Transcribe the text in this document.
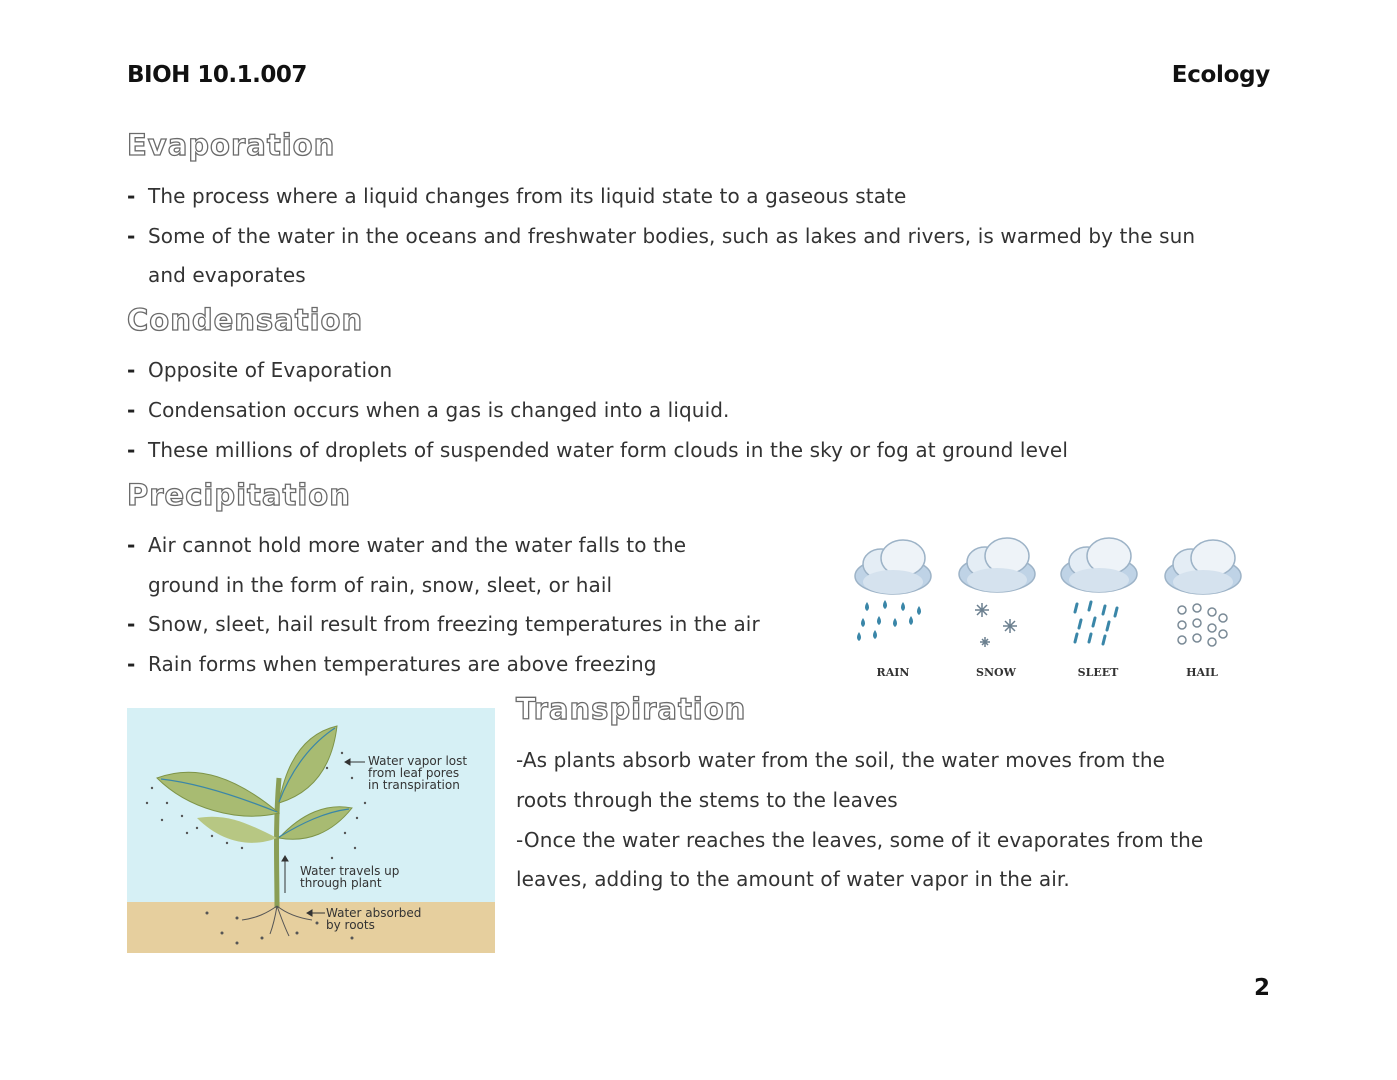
BIOH 10.1.007	Ecology
Evaporation
- The process where a liquid changes from its liquid state to a gaseous state
- Some of the water in the oceans and freshwater bodies, such as lakes and rivers, is warmed by the sun
and evaporates
Condensation
- Opposite of Evaporation
- Condensation occurs when a gas is changed into a liquid.
- These millions of droplets of suspended water form clouds in the sky or fog at ground level
Precipitation
- Air cannot hold more water and the water falls to the
ground in the form of rain, snow, sleet, or hail
- Snow, sleet, hail result from freezing temperatures in the air
- Rain forms when temperatures are above freezing	RAIN	SNOW	SLEET	HAIL
Water vapor lost
from leaf pores
in transpiration
Water travels up
through plant
Water absorbed
by roots
Transpiration
-As plants absorb water from the soil, the water moves from the
roots through the stems to the leaves
-Once the water reaches the leaves, some of it evaporates from the
leaves, adding to the amount of water vapor in the air.
2
